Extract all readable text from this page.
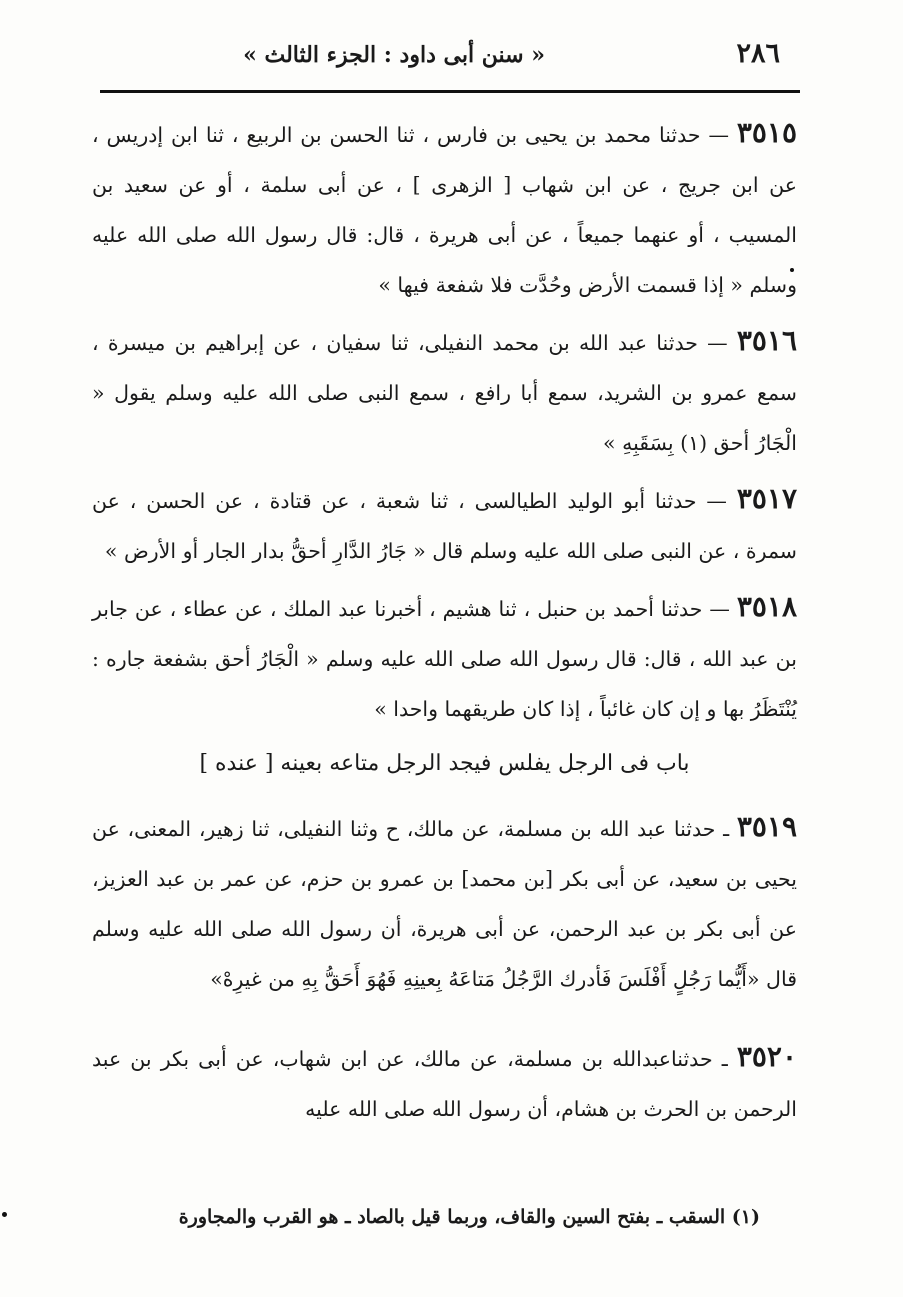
٢٨٦
« سنن أبى داود : الجزء الثالث »

٣٥١٥ — حدثنا محمد بن يحيى بن فارس ، ثنا الحسن بن الربيع ، ثنا ابن إدريس ، عن ابن جريج ، عن ابن شهاب [ الزهرى ] ، عن أبى سلمة ، أو عن سعيد بن المسيب ، أو عنهما جميعاً ، عن أبى هريرة ، قال: قال رسول الله صلى الله عليه وسلم « إذا قسمت الأرض وحُدَّت فلا شفعة فيها »

٣٥١٦ — حدثنا عبد الله بن محمد النفيلى، ثنا سفيان ، عن إبراهيم بن ميسرة ، سمع عمرو بن الشريد، سمع أبا رافع ، سمع النبى صلى الله عليه وسلم يقول « الْجَارُ أحق (١) بِسَقَبِهِ »

٣٥١٧ — حدثنا أبو الوليد الطيالسى ، ثنا شعبة ، عن قتادة ، عن الحسن ، عن سمرة ، عن النبى صلى الله عليه وسلم قال « جَارُ الدَّارِ أحقُّ بدار الجار أو الأرض »

٣٥١٨ — حدثنا أحمد بن حنبل ، ثنا هشيم ، أخبرنا عبد الملك ، عن عطاء ، عن جابر بن عبد الله ، قال: قال رسول الله صلى الله عليه وسلم « الْجَارُ أحق بشفعة جاره : يُنْتَظَرُ بها و إن كان غائباً ، إذا كان طريقهما واحدا »

باب فى الرجل يفلس فيجد الرجل متاعه بعينه [ عنده ]

٣٥١٩ ـ حدثنا عبد الله بن مسلمة، عن مالك، ح وثنا النفيلى، ثنا زهير، المعنى، عن يحيى بن سعيد، عن أبى بكر [بن محمد] بن عمرو بن حزم، عن عمر بن عبد العزيز، عن أبى بكر بن عبد الرحمن، عن أبى هريرة، أن رسول الله صلى الله عليه وسلم قال «أَيُّما رَجُلٍ أَفْلَسَ فَأدرك الرَّجُلُ مَتاعَهُ بِعينِهِ فَهُوَ أَحَقُّ بِهِ من غيرِهْ»

٣٥٢٠ ـ حدثناعبدالله بن مسلمة، عن مالك، عن ابن شهاب، عن أبى بكر بن عبد الرحمن بن الحرث بن هشام، أن رسول الله صلى الله عليه

(١) السقب ـ بفتح السين والقاف، وربما قيل بالصاد ـ هو القرب والمجاورة
